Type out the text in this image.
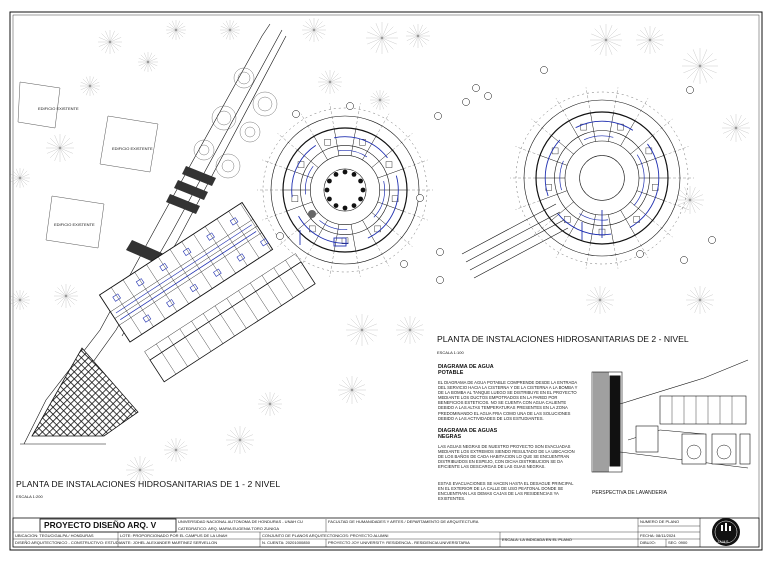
EDIFICIO EXISTENTE
EDIFICIO EXISTENTE
EDIFICIO EXISTENTE
PLANTA DE INSTALACIONES HIDROSANITARIAS DE 1 - 2 NIVEL
ESCALA 1:200
PLANTA DE INSTALACIONES HIDROSANITARIAS DE 2 - NIVEL
ESCALA 1:100
DIAGRAMA DE AGUA
POTABLE
EL DIAGRAMA DE AGUA POTABLE COMPRENDE DESDE LA ENTRADA DEL SERVICIO HACIA LA CISTERNA Y DE LA CISTERNA A LA BOMBA Y DE LA BOMBA AL TANQUE LUEGO SE DISTRIBUYE EN EL PROYECTO MEDIANTE LOS DUCTOS EMPOTRADOS EN LA PARED POR BENEFICIOS ESTETICOS. NO SE CUENTA CON AGUA CALIENTE DEBIDO A LAS ALTAS TEMPERATURAS PRESENTES EN LA ZONA PREDOMINANDO EL AGUA FRIA COMO UNA DE LAS SOLUCIONES DEBIDO A LAS ACTIVIDADES DE LOS ESTUDIANTES.
DIAGRAMA DE AGUAS
NEGRAS
LAS AGUAS NEGRAS DE NUESTRO PROYECTO SON EVACUADAS MEDIANTE LOS EXTREMOS SIENDO RESULTADO DE LA UBICACION DE LOS BAÑOS DE CADA HABITACION LO QUE SE ENCUENTRAN DISTRIBUIDOS EN ESPEJO, CON DICHA DISTRIBUCION SE DA EFICIENTE LAS DESCARGAS DE LAS GUAS NEGRAS.
ESTAS EVACUACIONES SE HACEN HASTA EL DESAGUE PRINCIPAL EN EL EXTERIOR DE LA CALLE DE USO PEATONAL DONDE SE ENCUENTRAN LAS DEMAS CAJAS DE LAS RESIDENCIAS YA EXISTENTES.
PERSPECTIVA DE LAVANDERIA
PROYECTO DISEÑO ARQ. V	UNIVERSIDAD NACIONAL AUTONOMA DE HONDURAS - UNAH CU
CATEDRATICO: ARQ. MARIA EUGENIA TORO ZUNIGA
FACULTAD DE HUMANIDADES Y ARTES / DEPARTAMENTO DE ARQUITECTURA
UBICACION: TEGUCIGALPA / HONDURAS	LOTE: PROPORCIONADO POR EL CAMPUS DE LA UNAH	CONJUNTO DE PLANOS ARQUITECTONICOS: PROYECTO ALUMNI
DISEÑO ARQUITECTONICO - CONSTRUCTIVO: ESTUDIANTE: JOHEL ALEXANDER MARTINEZ SERVELLON	N. CUENTA: 20201000850	PROYECTO JOY UNIVERSITY: RESIDENCIA - RESIDENCIA UNIVERSITARIA
ESCALA: LA INDICADA EN EL PLANO
NUMERO DE PLANO
FECHA: 08/11/2024
DIBUJO:	SEC: 0900	JAMS
